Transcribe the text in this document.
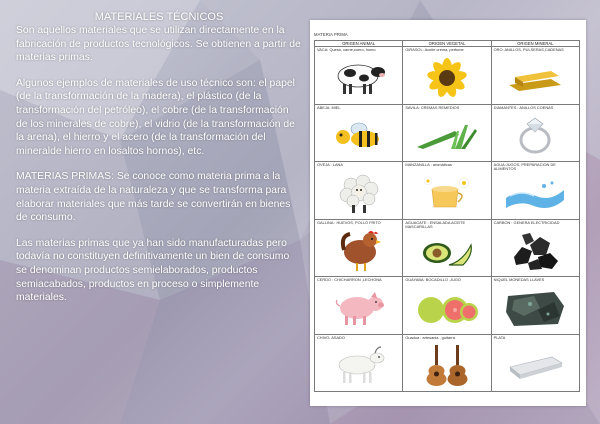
MATERIALES TÉCNICOS

Son aquellos materiales que se utilizan directamente en la fabricación de productos tecnológicos. Se obtienen a partir de materias primas.

Algunos ejemplos de materiales de uso técnico son: el papel (de la transformación de la madera), el plástico (de la transformación del petróleo), el cobre (de la transformación de los minerales de cobre), el vidrio (de la transformación de la arena), el hierro y el acero (de la transformación del mineralde hierro en losaltos hornos), etc.

MATERIAS PRIMAS: Se conoce como materia prima a la materia extraída de la naturaleza y que se transforma para elaborar materiales que más tarde se convertirán en bienes de consumo.

Las materias primas que ya han sido manufacturadas pero todavía no constituyen definitivamente un bien de consumo se denominan productos semielaborados, productos semiacabados, productos en proceso o simplemente materiales.

MATERIA PRIMA
ORIGEN ANIMAL	ORIGEN VEGETAL	ORIGEN MINERAL

VACA: Queso, carne,cuero, humo	GIRASOL: Aceite crema, perfume	ORO: ANILLOS, PULSERAS,CADENAS

ABEJA: MIEL	SAVILA: CREMAS REMEDIOS	DIAMANTES : ANILLOS COENAS

OVEJA : LANA	MANZANILLA : aromáticas	AGUA:JUGOS, PREPARACION DE ALIMENTOS

GALLINA : HUEVOS, POLLO FRITO	AGUACATE : ENSALADA ACEITE MASCARILLAS	CARBON : GENERA ELECTRICIDAD

CERDO : CHICHARRON ,LECHONA	GUAYABA: BOCADILLO ,JUGO	NIQUEL MONEDAS LLAVES

CHIVO: ASADO	Guadua : artesania , guitarra	PLATA
